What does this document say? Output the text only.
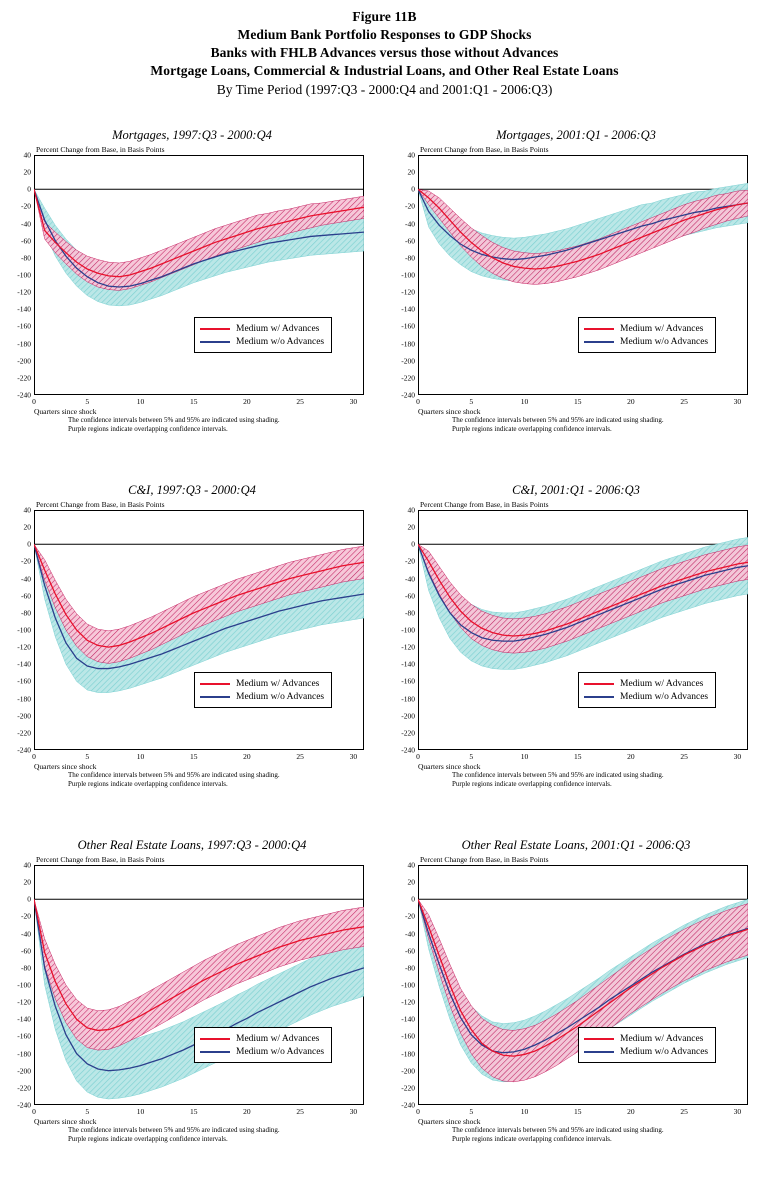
Figure 11B
Medium Bank Portfolio Responses to GDP Shocks
Banks with FHLB Advances versus those without Advances
Mortgage Loans, Commercial & Industrial Loans, and Other Real Estate Loans
By Time Period (1997:Q3 - 2000:Q4 and 2001:Q1 - 2006:Q3)
Mortgages, 1997:Q3 - 2000:Q4
Percent Change from Base, in Basis Points
40
20
0
-20
-40
-60
-80
-100
-120
-140
-160
-180
-200
-220
-240
0	5	10	15	20	25	30
Quarters since shock
Medium w/ Advances
Medium w/o Advances
The confidence intervals between 5% and 95% are indicated using shading.
Purple regions indicate overlapping confidence intervals.
Mortgages, 2001:Q1 - 2006:Q3
Percent Change from Base, in Basis Points
40
20
0
-20
-40
-60
-80
-100
-120
-140
-160
-180
-200
-220
-240
0	5	10	15	20	25	30
Quarters since shock
Medium w/ Advances
Medium w/o Advances
The confidence intervals between 5% and 95% are indicated using shading.
Purple regions indicate overlapping confidence intervals.
C&I, 1997:Q3 - 2000:Q4
Percent Change from Base, in Basis Points
40
20
0
-20
-40
-60
-80
-100
-120
-140
-160
-180
-200
-220
-240
0	5	10	15	20	25	30
Quarters since shock
Medium w/ Advances
Medium w/o Advances
The confidence intervals between 5% and 95% are indicated using shading.
Purple regions indicate overlapping confidence intervals.
C&I, 2001:Q1 - 2006:Q3
Percent Change from Base, in Basis Points
40
20
0
-20
-40
-60
-80
-100
-120
-140
-160
-180
-200
-220
-240
0	5	10	15	20	25	30
Quarters since shock
Medium w/ Advances
Medium w/o Advances
The confidence intervals between 5% and 95% are indicated using shading.
Purple regions indicate overlapping confidence intervals.
Other Real Estate Loans, 1997:Q3 - 2000:Q4
Percent Change from Base, in Basis Points
40
20
0
-20
-40
-60
-80
-100
-120
-140
-160
-180
-200
-220
-240
0	5	10	15	20	25	30
Quarters since shock
Medium w/ Advances
Medium w/o Advances
The confidence intervals between 5% and 95% are indicated using shading.
Purple regions indicate overlapping confidence intervals.
Other Real Estate Loans, 2001:Q1 - 2006:Q3
Percent Change from Base, in Basis Points
40
20
0
-20
-40
-60
-80
-100
-120
-140
-160
-180
-200
-220
-240
0	5	10	15	20	25	30
Quarters since shock
Medium w/ Advances
Medium w/o Advances
The confidence intervals between 5% and 95% are indicated using shading.
Purple regions indicate overlapping confidence intervals.
